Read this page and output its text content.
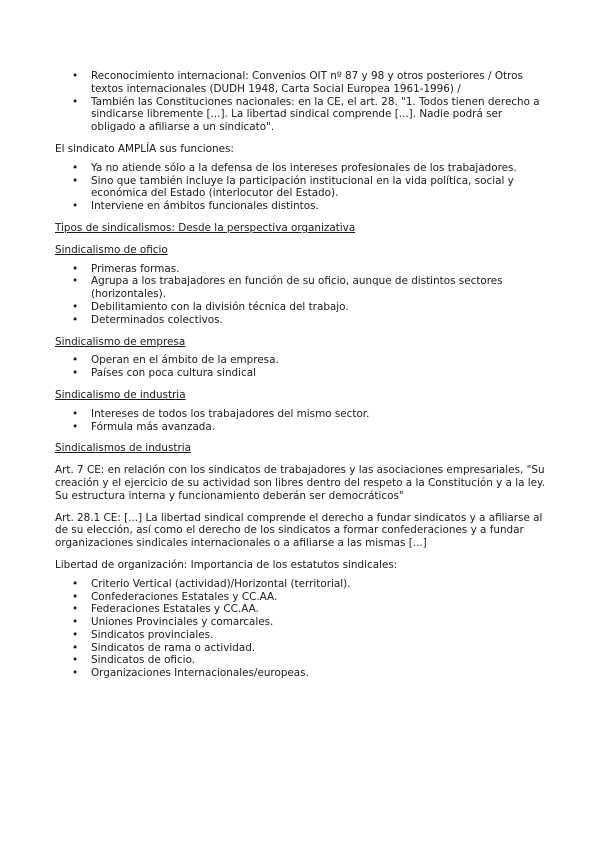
• Reconocimiento internacional: Convenios OIT nº 87 y 98 y otros posteriores / Otros textos internacionales (DUDH 1948, Carta Social Europea 1961-1996) /
• También las Constituciones nacionales: en la CE, el art. 28. "1. Todos tienen derecho a sindicarse libremente [...]. La libertad sindical comprende [...]. Nadie podrá ser obligado a afiliarse a un sindicato".

El sindicato AMPLÍA sus funciones:

• Ya no atiende sólo a la defensa de los intereses profesionales de los trabajadores.
• Sino que también incluye la participación institucional en la vida política, social y económica del Estado (interlocutor del Estado).
• Interviene en ámbitos funcionales distintos.

Tipos de sindicalismos: Desde la perspectiva organizativa

Sindicalismo de oficio

• Primeras formas.
• Agrupa a los trabajadores en función de su oficio, aunque de distintos sectores (horizontales).
• Debilitamiento con la división técnica del trabajo.
• Determinados colectivos.

Sindicalismo de empresa

• Operan en el ámbito de la empresa.
• Países con poca cultura sindical

Sindicalismo de industria

• Intereses de todos los trabajadores del mismo sector.
• Fórmula más avanzada.

Sindicalismos de industria

Art. 7 CE: en relación con los sindicatos de trabajadores y las asociaciones empresariales, "Su creación y el ejercicio de su actividad son libres dentro del respeto a la Constitución y a la ley. Su estructura interna y funcionamiento deberán ser democráticos"

Art. 28.1 CE: [...] La libertad sindical comprende el derecho a fundar sindicatos y a afiliarse al de su elección, así como el derecho de los sindicatos a formar confederaciones y a fundar organizaciones sindicales internacionales o a afiliarse a las mismas [...]

Libertad de organización: Importancia de los estatutos sindicales:

• Criterio Vertical (actividad)/Horizontal (territorial).
• Confederaciones Estatales y CC.AA.
• Federaciones Estatales y CC.AA.
• Uniones Provinciales y comarcales.
• Sindicatos provinciales.
• Sindicatos de rama o actividad.
• Sindicatos de oficio.
• Organizaciones Internacionales/europeas.
